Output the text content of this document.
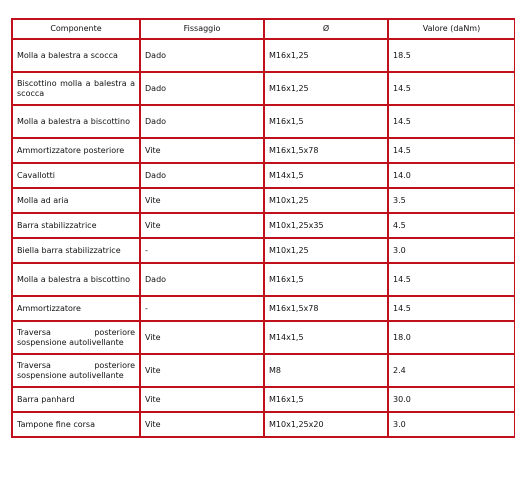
Componente	Fissaggio	Ø	Valore (daNm)
Molla a balestra a scocca	Dado	M16x1,25	18.5
Biscottino molla a balestra a scocca	Dado	M16x1,25	14.5
Molla a balestra a biscottino	Dado	M16x1,5	14.5
Ammortizzatore posteriore	Vite	M16x1,5x78	14.5
Cavallotti	Dado	M14x1,5	14.0
Molla ad aria	Vite	M10x1,25	3.5
Barra stabilizzatrice	Vite	M10x1,25x35	4.5
Biella barra stabilizzatrice	-	M10x1,25	3.0
Molla a balestra a biscottino	Dado	M16x1,5	14.5
Ammortizzatore	-	M16x1,5x78	14.5
Traversa posteriore sospensione autolivellante	Vite	M14x1,5	18.0
Traversa posteriore sospensione autolivellante	Vite	M8	2.4
Barra panhard	Vite	M16x1,5	30.0
Tampone fine corsa	Vite	M10x1,25x20	3.0
